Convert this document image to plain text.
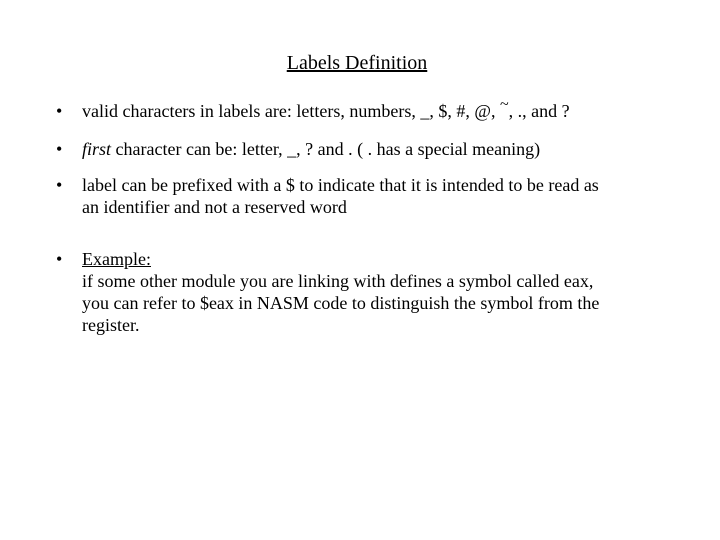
Labels Definition
• valid characters in labels are: letters, numbers, _, $, #, @, ~, ., and ?
• first character can be: letter, _, ? and . ( . has a special meaning)
• label can be prefixed with a $ to indicate that it is intended to be read as
an identifier and not a reserved word
• Example:
if some other module you are linking with defines a symbol called eax,
you can refer to $eax in NASM code to distinguish the symbol from the
register.
